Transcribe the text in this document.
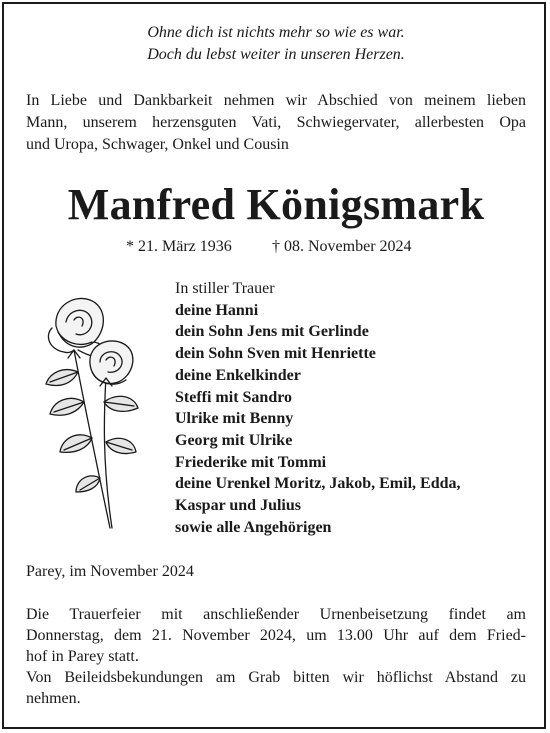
Ohne dich ist nichts mehr so wie es war.
Doch du lebst weiter in unseren Herzen.
In Liebe und Dankbarkeit nehmen wir Abschied von meinem lieben
Mann, unserem herzensguten Vati, Schwiegervater, allerbesten Opa
und Uropa, Schwager, Onkel und Cousin
Manfred Königsmark
* 21. März 1936	† 08. November 2024
In stiller Trauer
deine Hanni
dein Sohn Jens mit Gerlinde
dein Sohn Sven mit Henriette
deine Enkelkinder
Steffi mit Sandro
Ulrike mit Benny
Georg mit Ulrike
Friederike mit Tommi
deine Urenkel Moritz, Jakob, Emil, Edda,
Kaspar und Julius
sowie alle Angehörigen
Parey, im November 2024
Die Trauerfeier mit anschließender Urnenbeisetzung findet am
Donnerstag, dem 21. November 2024, um 13.00 Uhr auf dem Fried-
hof in Parey statt.
Von Beileidsbekundungen am Grab bitten wir höflichst Abstand zu
nehmen.
